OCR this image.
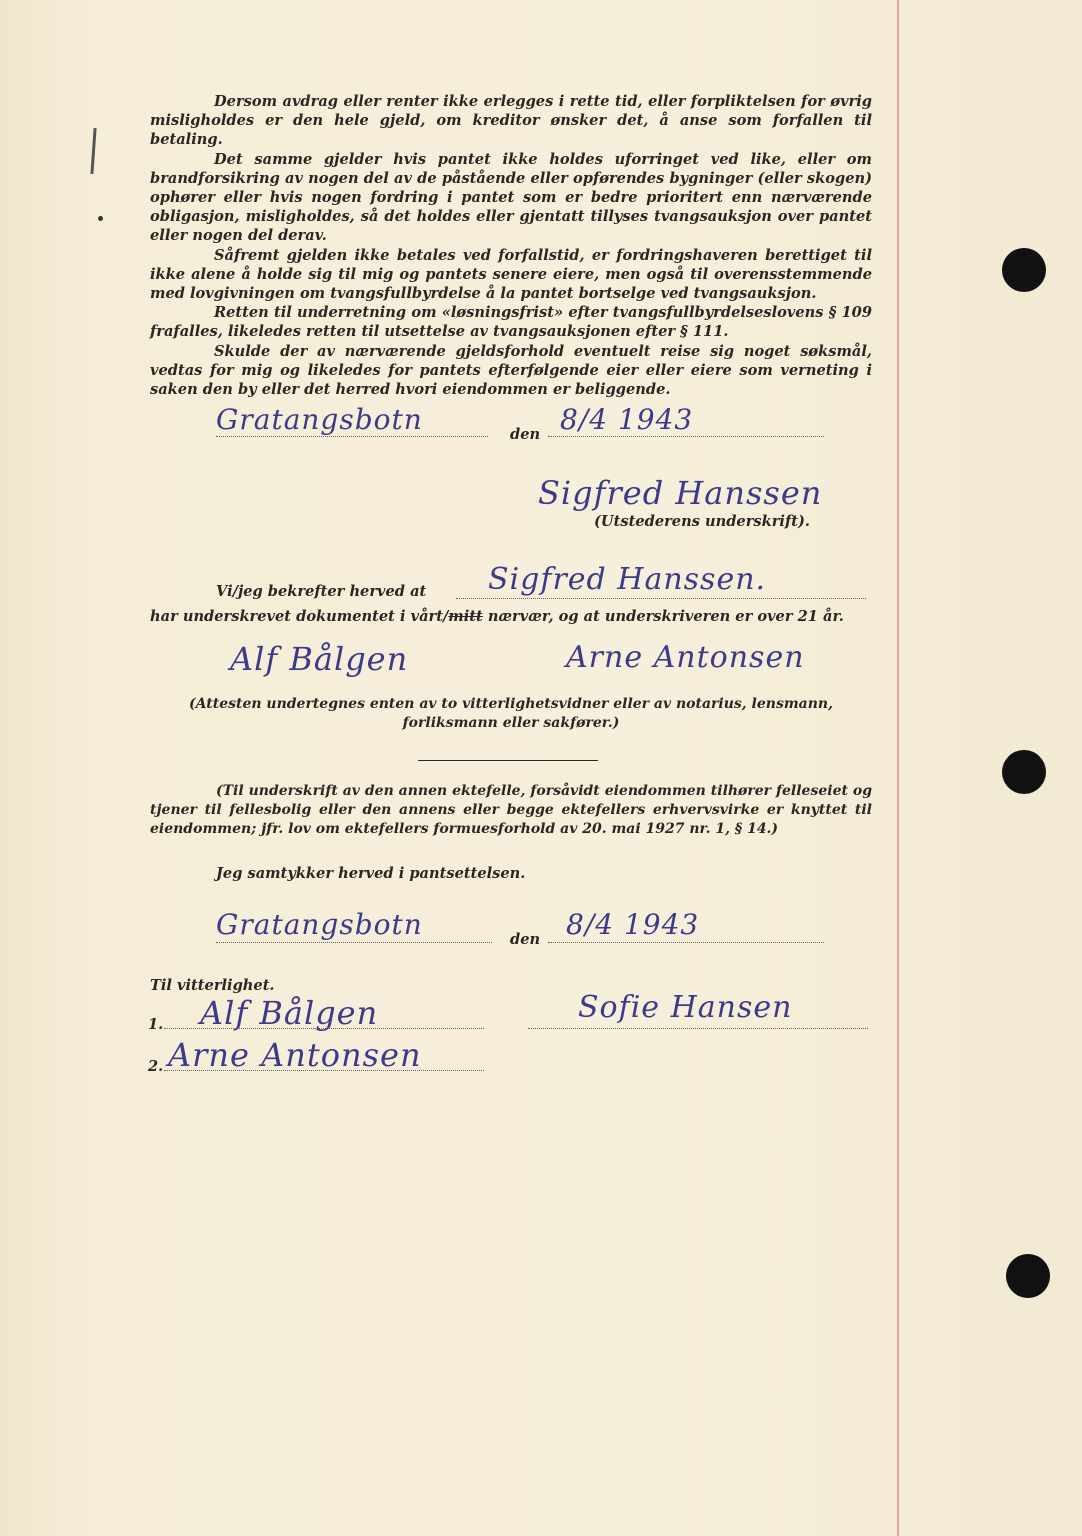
Dersom avdrag eller renter ikke erlegges i rette tid, eller forpliktelsen for øvrig misligholdes er den hele gjeld, om kreditor ønsker det, å anse som forfallen til betaling.

Det samme gjelder hvis pantet ikke holdes uforringet ved like, eller om brandforsikring av nogen del av de påstående eller opførendes bygninger (eller skogen) ophører eller hvis nogen fordring i pantet som er bedre prioritert enn nærværende obligasjon, misligholdes, så det holdes eller gjentatt tillyses tvangsauksjon over pantet eller nogen del derav.

Såfremt gjelden ikke betales ved forfallstid, er fordringshaveren berettiget til ikke alene å holde sig til mig og pantets senere eiere, men også til overensstemmende med lovgivningen om tvangsfullbyrdelse å la pantet bortselge ved tvangsauksjon.

Retten til underretning om «løsningsfrist» efter tvangsfullbyrdelseslovens § 109 frafalles, likeledes retten til utsettelse av tvangsauksjonen efter § 111.

Skulde der av nærværende gjeldsforhold eventuelt reise sig noget søksmål, vedtas for mig og likeledes for pantets efterfølgende eier eller eiere som verneting i saken den by eller det herred hvori eiendommen er beliggende.

Gratangsbotn	den 8/4 1943
Sigfred Hanssen
(Utstederens underskrift).
Vi/jeg bekrefter herved at Sigfred Hanssen.
har underskrevet dokumentet i vårt/mitt nærvær, og at underskriveren er over 21 år.
Alf Bålgen	Arne Antonsen
(Attesten undertegnes enten av to vitterlighetsvidner eller av notarius, lensmann, forliksmann eller sakfører.)
(Til underskrift av den annen ektefelle, forsåvidt eiendommen tilhører felleseiet og tjener til fellesbolig eller den annens eller begge ektefellers erhvervsvirke er knyttet til eiendommen; jfr. lov om ektefellers formuesforhold av 20. mai 1927 nr. 1, § 14.)
Jeg samtykker herved i pantsettelsen.
Gratangsbotn	den 8/4 1943
Til vitterlighet.
1. Alf Bålgen	Sofie Hansen
2. Arne Antonsen
